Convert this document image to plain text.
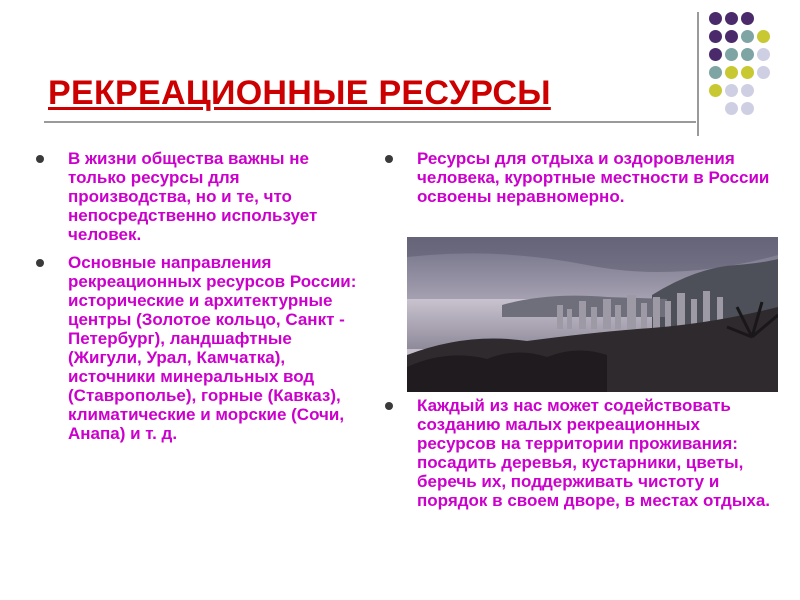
РЕКРЕАЦИОННЫЕ РЕСУРСЫ
В жизни общества важны не только ресурсы для производства, но и те, что непосредственно использует человек.
Основные направления рекреационных ресурсов России: исторические и архитектурные центры (Золотое кольцо, Санкт - Петербург), ландшафтные (Жигули, Урал, Камчатка), источники минеральных вод (Ставрополье), горные (Кавказ), климатические и морские (Сочи, Анапа) и т. д.
Ресурсы для отдыха и оздоровления человека, курортные местности в России освоены неравномерно.
Каждый из нас может содействовать созданию малых рекреационных ресурсов на территории проживания: посадить деревья, кустарники, цветы, беречь их, поддерживать чистоту и порядок в своем дворе, в местах отдыха.
